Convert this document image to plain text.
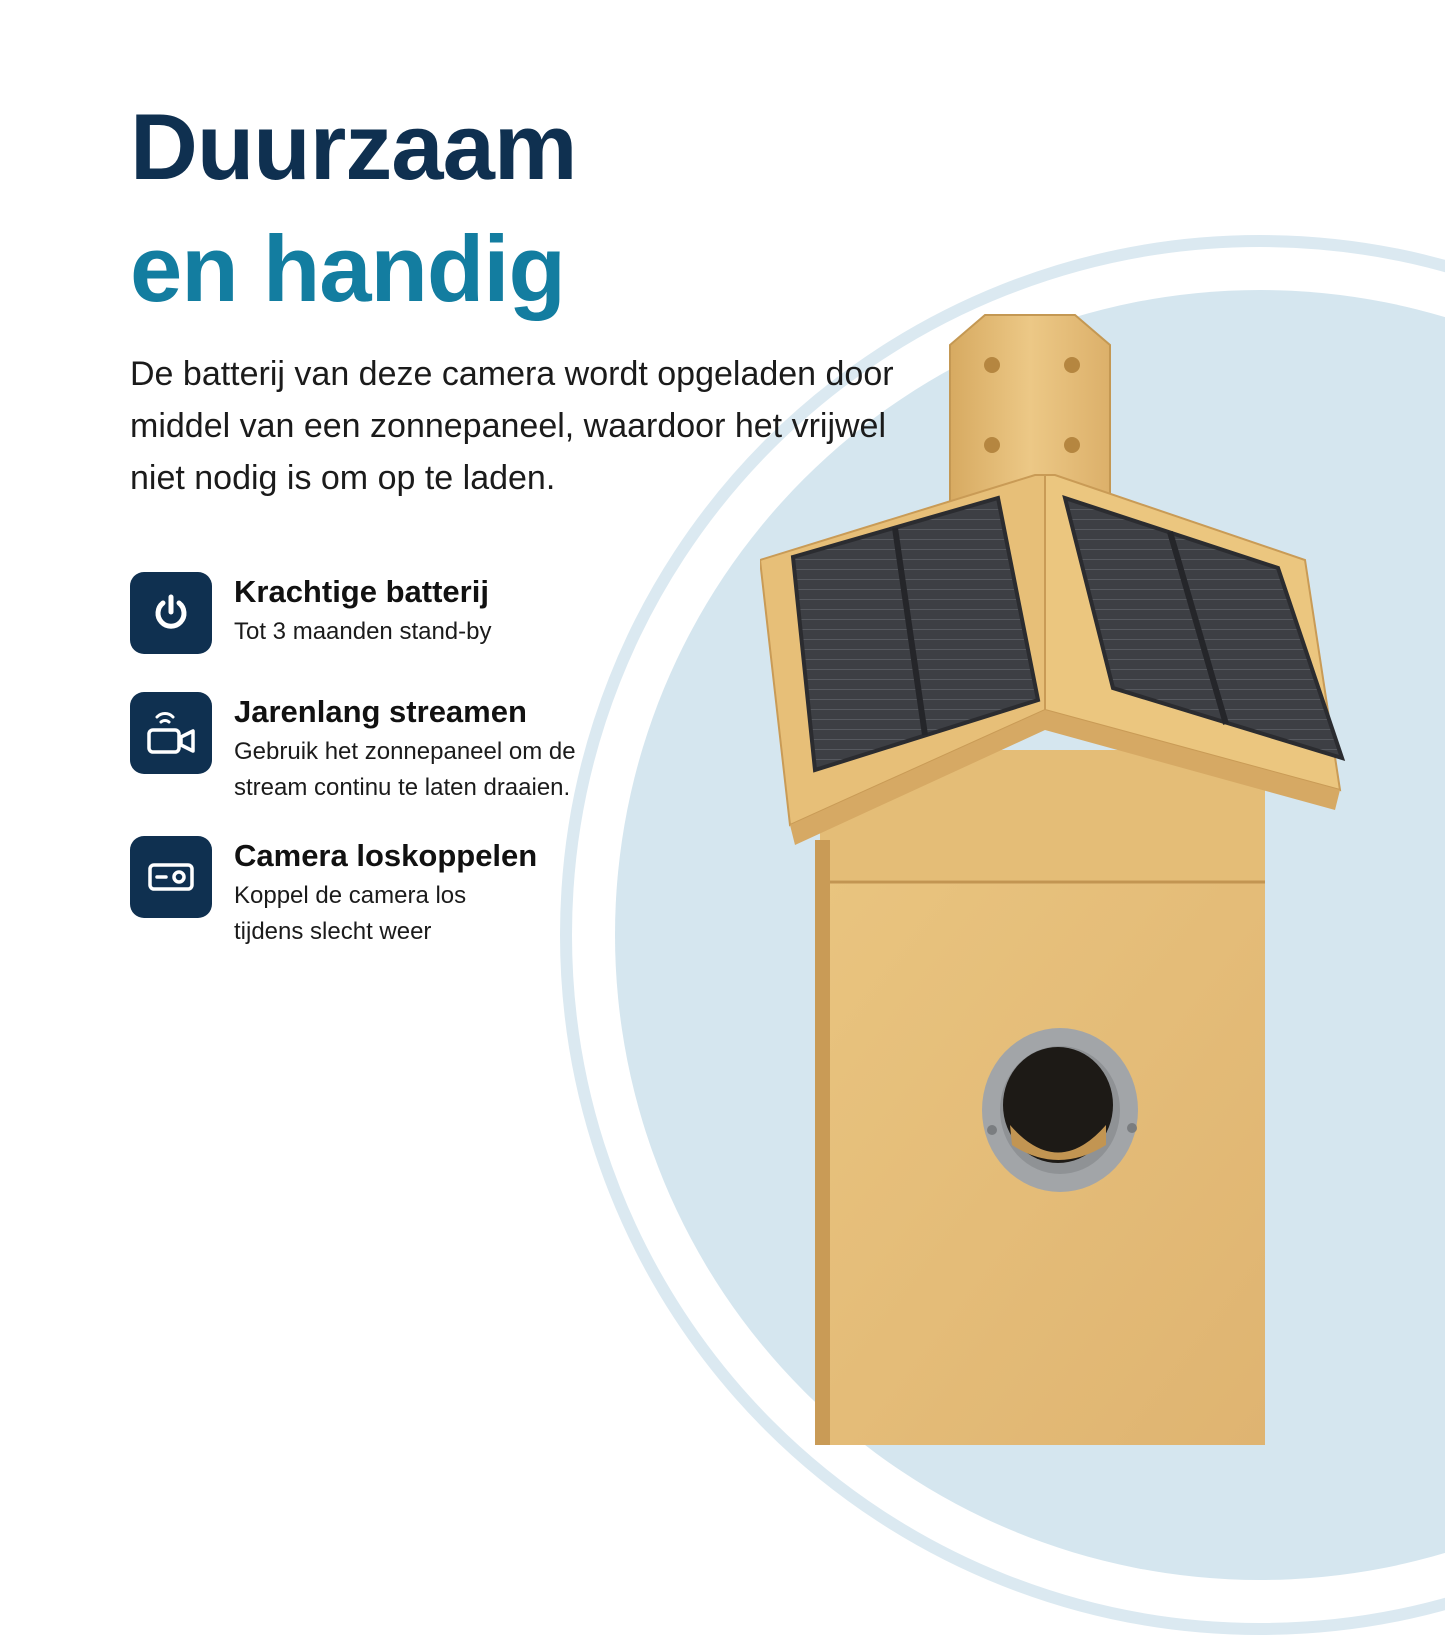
Duurzaam
en handig

De batterij van deze camera wordt opgeladen door middel van een zonnepaneel, waardoor het vrijwel niet nodig is om op te laden.

Krachtige batterij
Tot 3 maanden stand-by
Jarenlang streamen
Gebruik het zonnepaneel om de stream continu te laten draaien.
Camera loskoppelen
Koppel de camera los tijdens slecht weer
